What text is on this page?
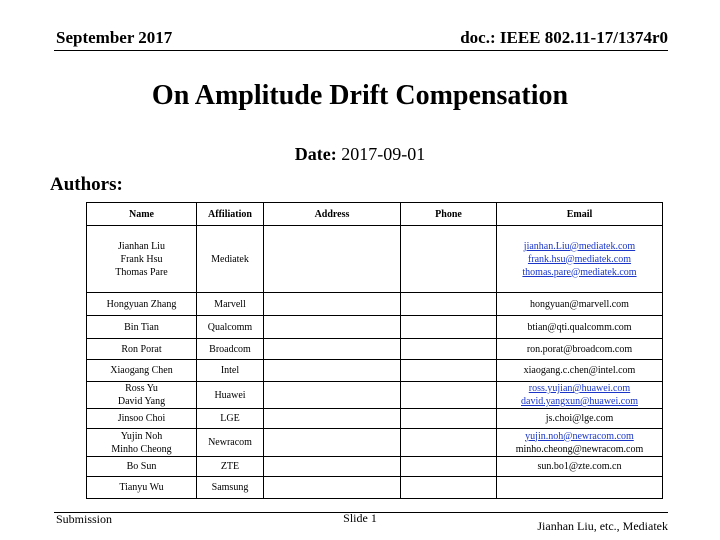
September 2017	doc.: IEEE 802.11-17/1374r0
On Amplitude Drift Compensation
Date: 2017-09-01
Authors:
Name	Affiliation	Address	Phone	Email

Jianhan Liu
Frank Hsu
Thomas Pare	Mediatek			jianhan.Liu@mediatek.com
frank.hsu@mediatek.com
thomas.pare@mediatek.com

Hongyuan Zhang	Marvell			hongyuan@marvell.com

Bin Tian	Qualcomm			btian@qti.qualcomm.com

Ron Porat	Broadcom			ron.porat@broadcom.com

Xiaogang Chen	Intel			xiaogang.c.chen@intel.com

Ross Yu
David Yang	Huawei			ross.yujian@huawei.com
david.yangxun@huawei.com

Jinsoo Choi	LGE			js.choi@lge.com

Yujin Noh
Minho Cheong	Newracom			yujin.noh@newracom.com
minho.cheong@newracom.com

Bo Sun	ZTE			sun.bo1@zte.com.cn

Tianyu Wu	Samsung			
Submission	Slide 1
Jianhan Liu, etc., Mediatek
